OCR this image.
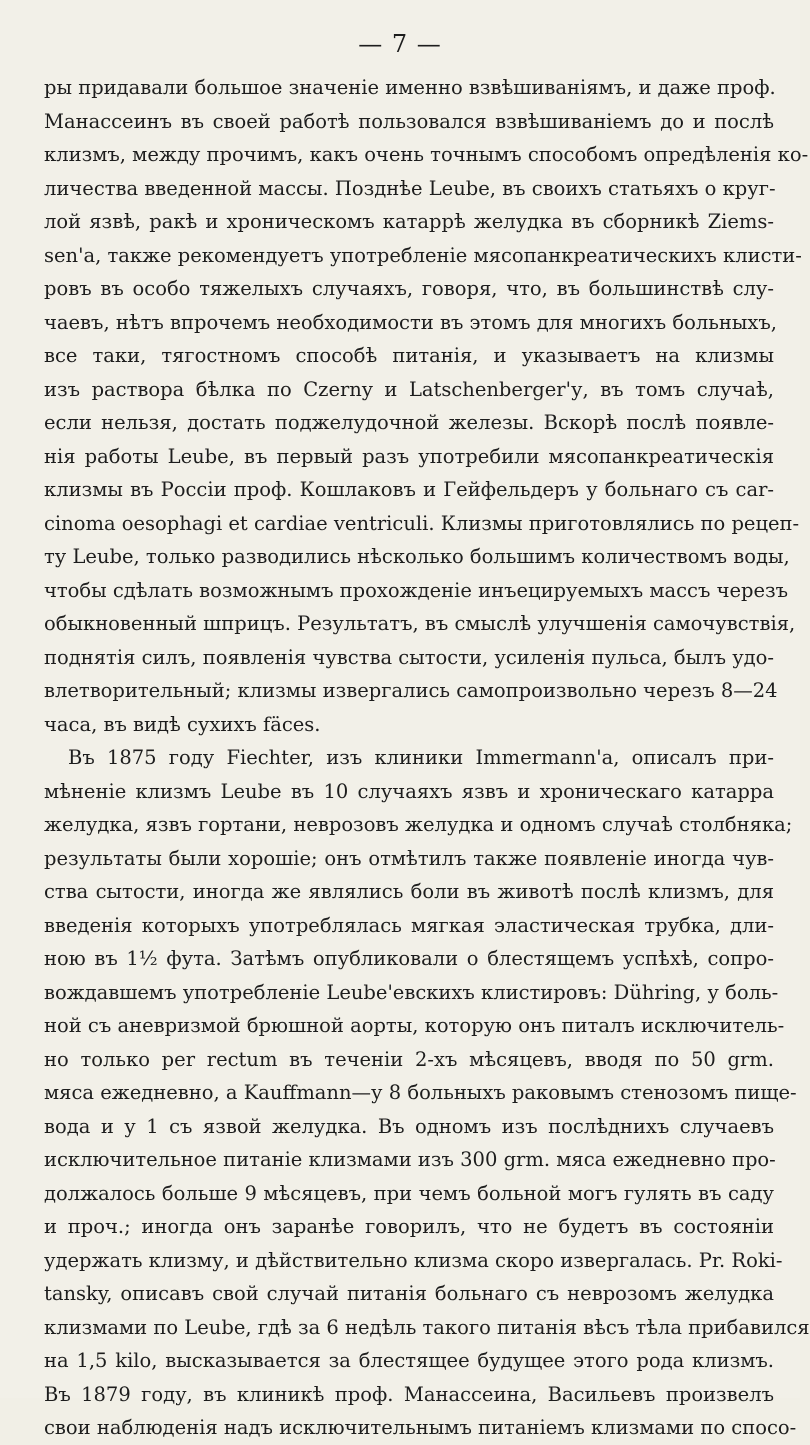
— 7 —
ры придавали большое значеніе именно взвѣшиваніямъ, и даже проф.
Манассеинъ въ своей работѣ пользовался взвѣшиваніемъ до и послѣ
клизмъ, между прочимъ, какъ очень точнымъ способомъ опредѣленія ко-
личества введенной массы. Позднѣе Leube, въ своихъ статьяхъ о круг-
лой язвѣ, ракѣ и хроническомъ катаррѣ желудка въ сборникѣ Ziems-
sen'a, также рекомендуетъ употребленіе мясопанкреатическихъ клисти-
ровъ въ особо тяжелыхъ случаяхъ, говоря, что, въ большинствѣ слу-
чаевъ, нѣтъ впрочемъ необходимости въ этомъ для многихъ больныхъ,
все таки, тягостномъ способѣ питанія, и указываетъ на клизмы
изъ раствора бѣлка по Czerny и Latschenberger'у, въ томъ случаѣ,
если нельзя, достать поджелудочной железы. Вскорѣ послѣ появле-
нія работы Leube, въ первый разъ употребили мясопанкреатическія
клизмы въ Россіи проф. Кошлаковъ и Гейфельдеръ у больнаго съ car-
cinoma oesophagi et cardiae ventriculi. Клизмы приготовлялись по рецеп-
ту Leube, только разводились нѣсколько большимъ количествомъ воды,
чтобы сдѣлать возможнымъ прохожденіе инъецируемыхъ массъ черезъ
обыкновенный шприцъ. Результатъ, въ смыслѣ улучшенія самочувствія,
поднятія силъ, появленія чувства сытости, усиленія пульса, былъ удо-
влетворительный; клизмы извергались самопроизвольно черезъ 8—24
часа, въ видѣ сухихъ fäces.
Въ 1875 году Fiechter, изъ клиники Immermann'a, описалъ при-
мѣненіе клизмъ Leube въ 10 случаяхъ язвъ и хроническаго катарра
желудка, язвъ гортани, неврозовъ желудка и одномъ случаѣ столбняка;
результаты были хорошіе; онъ отмѣтилъ также появленіе иногда чув-
ства сытости, иногда же являлись боли въ животѣ послѣ клизмъ, для
введенія которыхъ употреблялась мягкая эластическая трубка, дли-
ною въ 1½ фута. Затѣмъ опубликовали о блестящемъ успѣхѣ, сопро-
вождавшемъ употребленіе Leube'евскихъ клистировъ: Dühring, у боль-
ной съ аневризмой брюшной аорты, которую онъ питалъ исключитель-
но только per rectum въ теченіи 2-хъ мѣсяцевъ, вводя по 50 grm.
мяса ежедневно, а Kauffmann—у 8 больныхъ раковымъ стенозомъ пище-
вода и у 1 съ язвой желудка. Въ одномъ изъ послѣднихъ случаевъ
исключительное питаніе клизмами изъ 300 grm. мяса ежедневно про-
должалось больше 9 мѣсяцевъ, при чемъ больной могъ гулять въ саду
и проч.; иногда онъ заранѣе говорилъ, что не будетъ въ состояніи
удержать клизму, и дѣйствительно клизма скоро извергалась. Pr. Roki-
tansky, описавъ свой случай питанія больнаго съ неврозомъ желудка
клизмами по Leube, гдѣ за 6 недѣль такого питанія вѣсъ тѣла прибавился
на 1,5 kilo, высказывается за блестящее будущее этого рода клизмъ.
Въ 1879 году, въ клиникѣ проф. Манассеина, Васильевъ произвелъ
свои наблюденія надъ исключительнымъ питаніемъ клизмами по спосо-
